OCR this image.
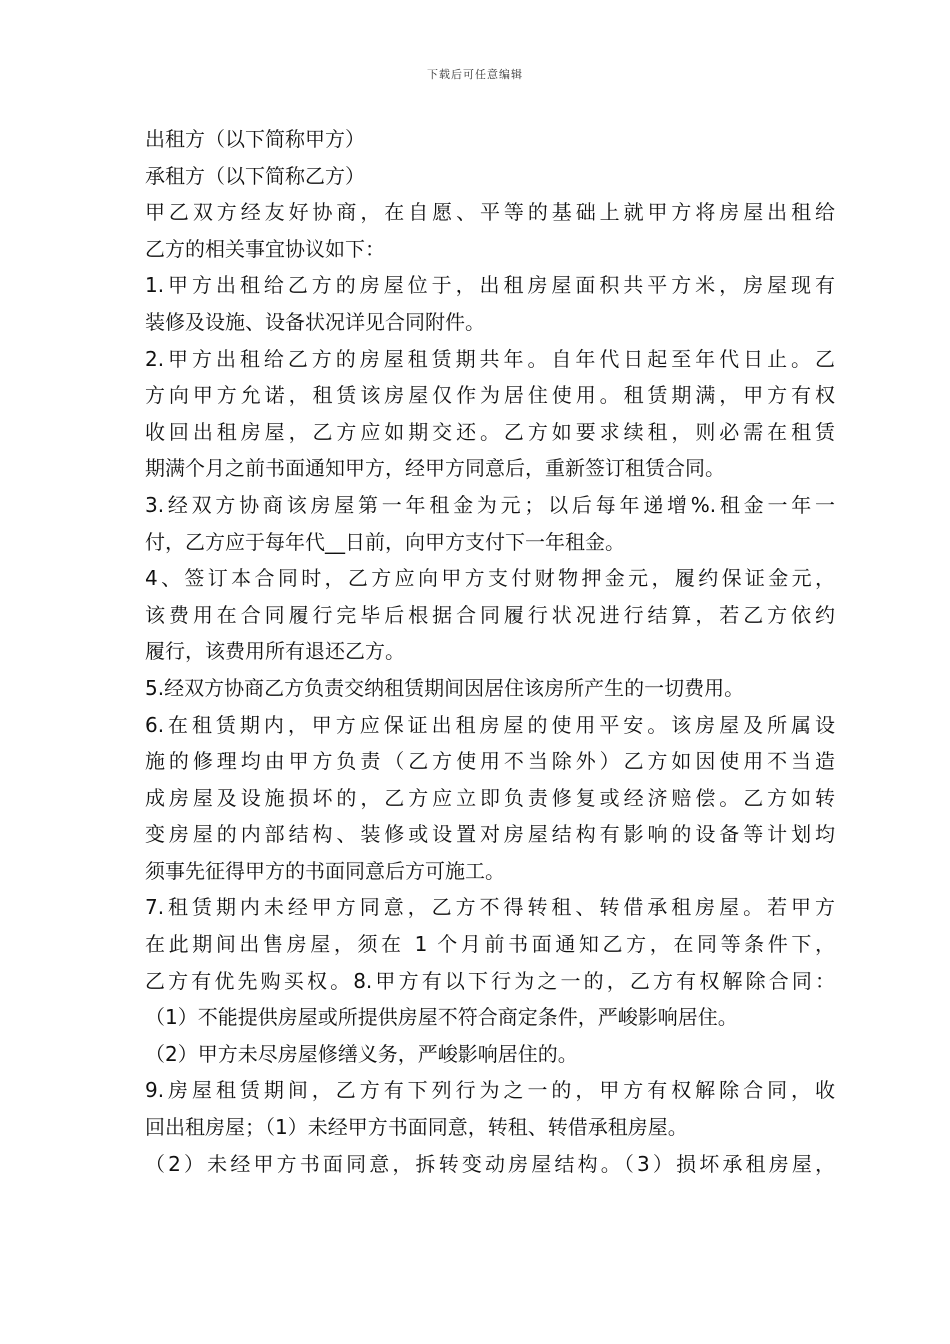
下载后可任意编辑
出租方（以下简称甲方）
承租方（以下简称乙方）
甲乙双方经友好协商，在自愿、平等的基础上就甲方将房屋出租给
乙方的相关事宜协议如下：
1.甲方出租给乙方的房屋位于，出租房屋面积共平方米，房屋现有
装修及设施、设备状况详见合同附件。
2.甲方出租给乙方的房屋租赁期共年。自年代日起至年代日止。乙
方向甲方允诺，租赁该房屋仅作为居住使用。租赁期满，甲方有权
收回出租房屋，乙方应如期交还。乙方如要求续租，则必需在租赁
期满个月之前书面通知甲方，经甲方同意后，重新签订租赁合同。
3.经双方协商该房屋第一年租金为元；以后每年递增%.租金一年一
付，乙方应于每年代__日前，向甲方支付下一年租金。
4、签订本合同时，乙方应向甲方支付财物押金元，履约保证金元，
该费用在合同履行完毕后根据合同履行状况进行结算，若乙方依约
履行，该费用所有退还乙方。
5.经双方协商乙方负责交纳租赁期间因居住该房所产生的一切费用。
6.在租赁期内，甲方应保证出租房屋的使用平安。该房屋及所属设
施的修理均由甲方负责（乙方使用不当除外）乙方如因使用不当造
成房屋及设施损坏的，乙方应立即负责修复或经济赔偿。乙方如转
变房屋的内部结构、装修或设置对房屋结构有影响的设备等计划均
须事先征得甲方的书面同意后方可施工。
7.租赁期内未经甲方同意，乙方不得转租、转借承租房屋。若甲方
在此期间出售房屋，须在 1 个月前书面通知乙方，在同等条件下，
乙方有优先购买权。8.甲方有以下行为之一的，乙方有权解除合同：
（1）不能提供房屋或所提供房屋不符合商定条件，严峻影响居住。
（2）甲方未尽房屋修缮义务，严峻影响居住的。
9.房屋租赁期间，乙方有下列行为之一的，甲方有权解除合同，收
回出租房屋；（1）未经甲方书面同意，转租、转借承租房屋。
（2）未经甲方书面同意，拆转变动房屋结构。（3）损坏承租房屋，
